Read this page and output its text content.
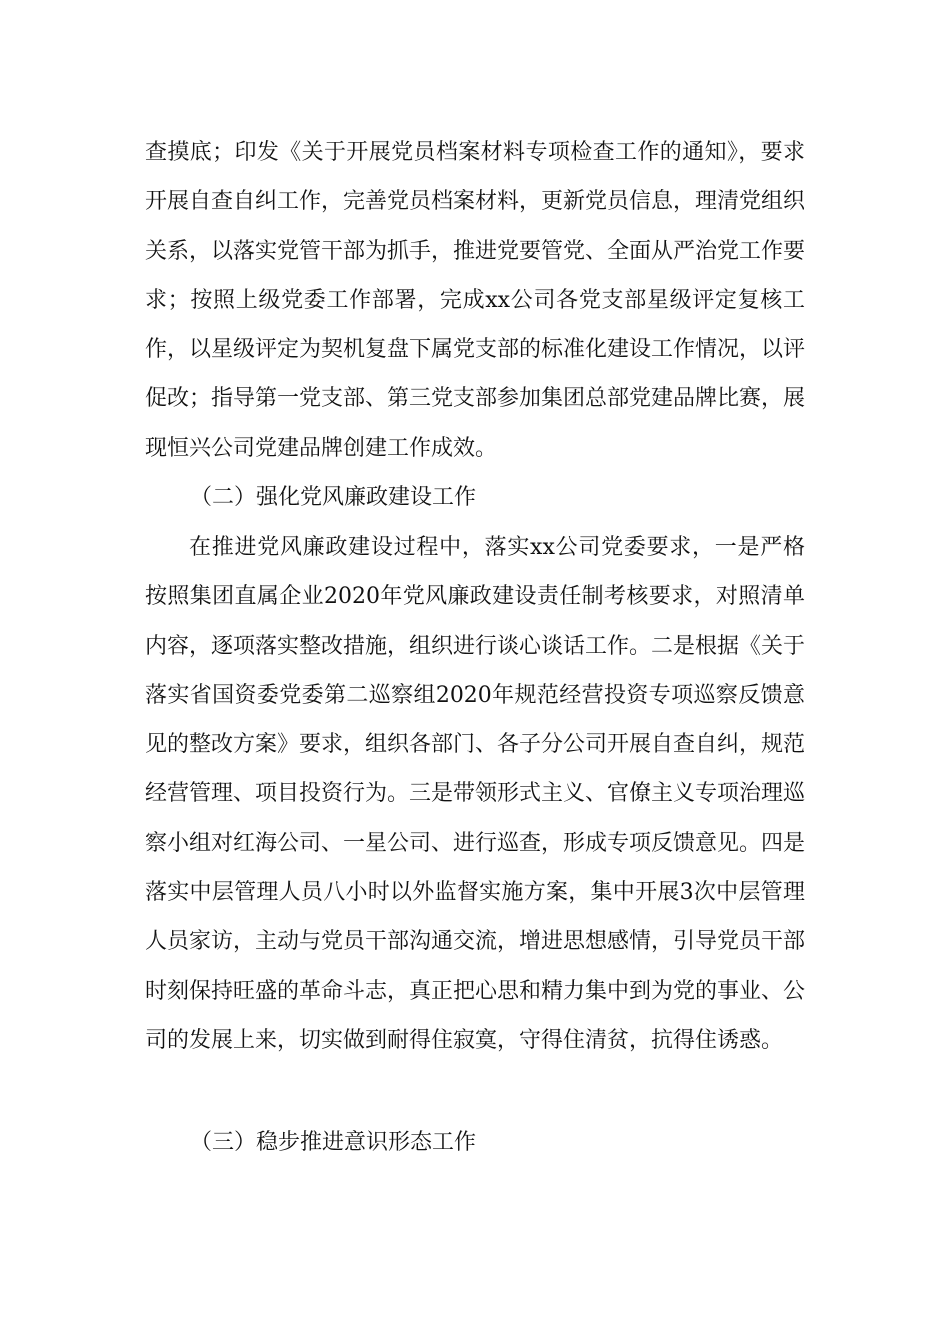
查摸底；印发《关于开展党员档案材料专项检查工作的通知》，要求开展自查自纠工作，完善党员档案材料，更新党员信息，理清党组织关系，以落实党管干部为抓手，推进党要管党、全面从严治党工作要求；按照上级党委工作部署，完成xx公司各党支部星级评定复核工作，以星级评定为契机复盘下属党支部的标准化建设工作情况，以评促改；指导第一党支部、第三党支部参加集团总部党建品牌比赛，展现恒兴公司党建品牌创建工作成效。
（二）强化党风廉政建设工作
在推进党风廉政建设过程中，落实xx公司党委要求，一是严格按照集团直属企业2020年党风廉政建设责任制考核要求，对照清单内容，逐项落实整改措施，组织进行谈心谈话工作。二是根据《关于落实省国资委党委第二巡察组2020年规范经营投资专项巡察反馈意见的整改方案》要求，组织各部门、各子分公司开展自查自纠，规范经营管理、项目投资行为。三是带领形式主义、官僚主义专项治理巡察小组对红海公司、一星公司、进行巡查，形成专项反馈意见。四是落实中层管理人员八小时以外监督实施方案，集中开展3次中层管理人员家访，主动与党员干部沟通交流，增进思想感情，引导党员干部时刻保持旺盛的革命斗志，真正把心思和精力集中到为党的事业、公司的发展上来，切实做到耐得住寂寞，守得住清贫，抗得住诱惑。
（三）稳步推进意识形态工作
